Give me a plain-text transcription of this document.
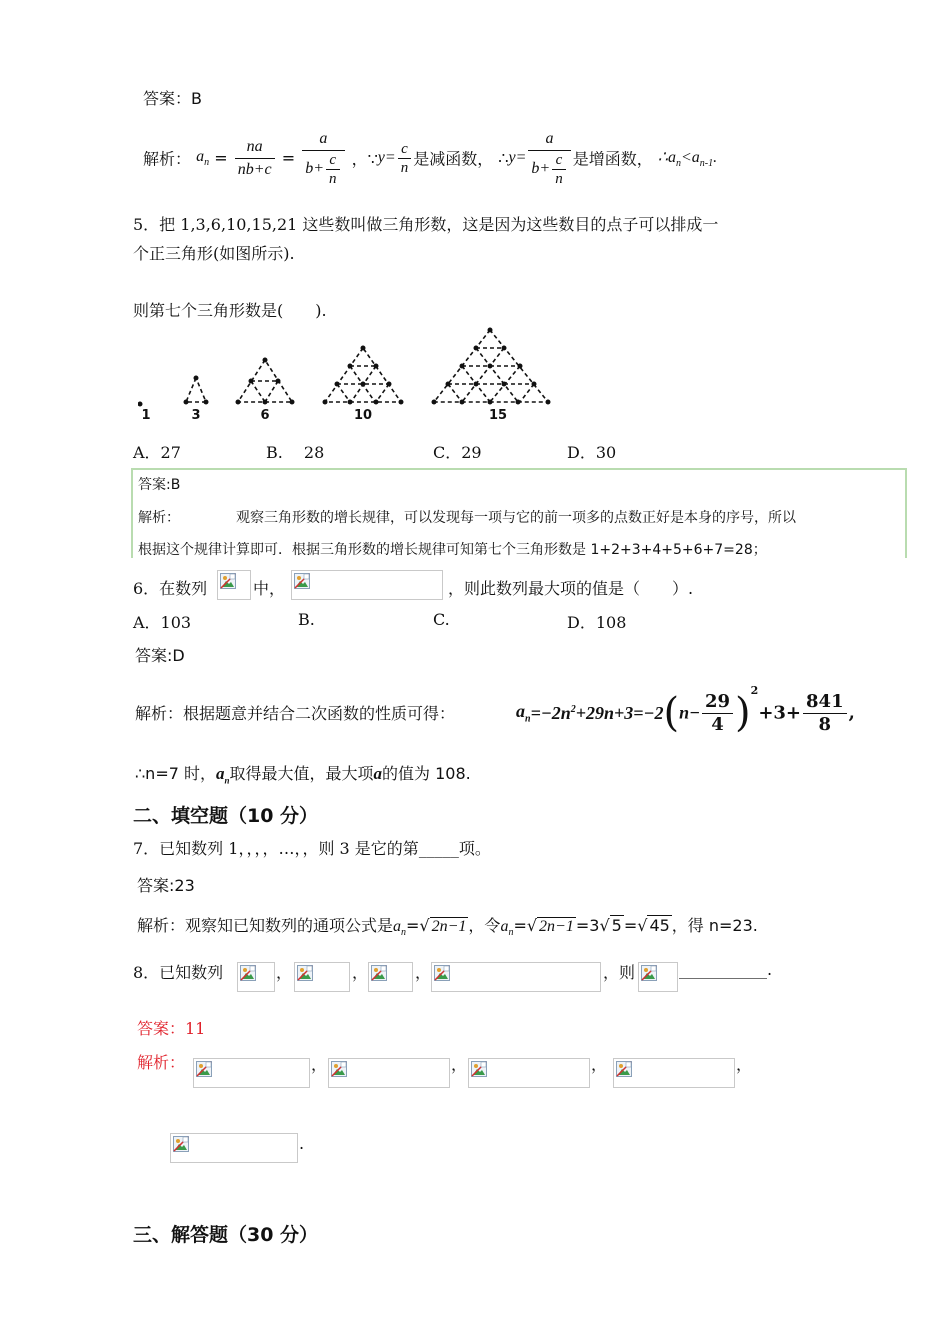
答案：B
解析： $a_n = \frac{na}{nb+c} = \frac{a}{b+ \frac{c}{n}}$ ，∵y= $\frac{c}{n}$ 是减函数， ∴y= $\frac{a}{b+ \frac{c}{n}}$ 是增函数， $\therefore a_n<a_{n-1}$.
5．把 1,3,6,10,15,21 这些数叫做三角形数，这是因为这些数目的点子可以排成一
个正三角形(如图所示).
则第七个三角形数是(　　).
1	3	6	10	15
A．27	B.　 28	C．29	D．30
答案:B
解析：	观察三角形数的增长规律，可以发现每一项与它的前一项多的点数正好是本身的序号，所以
根据这个规律计算即可．根据三角形数的增长规律可知第七个三角形数是 1+2+3+4+5+6+7=28；
6．在数列	中，	，则此数列最大项的值是（　　）.
A．103	B.	C.	D．108
答案:D
解析：根据题意并结合二次函数的性质可得：	$a_n=-2n^2+29n+3=-2(n- \frac{29}{4} )^2+3+ \frac{841}{8}$ ,
∴n=7 时，$a_n$取得最大值，最大项a的值为 108.
二、填空题（10 分）
7．已知数列 1，，，，…，，则 3 是它的第_____项。
答案:23
解析：观察知已知数列的通项公式是$a_n=√$ 2n−1 ，令$a_n=√$ 2n−1 =3√ 5 =√ 45 ，得 n=23.
8．已知数列	，	，	，	，则	___________.
答案：11
解析：	，	，	，	，
.
三、解答题（30 分）
